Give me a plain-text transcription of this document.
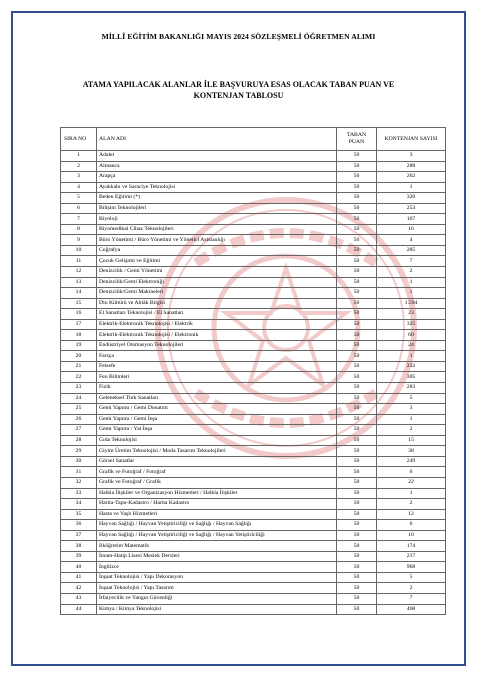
MİLLÎ EĞİTİM BAKANLIĞI MAYIS 2024 SÖZLEŞMELİ ÖĞRETMEN ALIMI
ATAMA YAPILACAK ALANLAR İLE BAŞVURUYA ESAS OLACAK TABAN PUAN VE KONTENJAN TABLOSU
SIRA NO	ALAN ADI	TABAN PUAN	KONTENJAN SAYISI
1	Adalet	50	3
2	Almanca	50	288
3	Arapça	50	262
4	Ayakkabı ve Saraciye Teknolojisi	50	1
5	Beden Eğitimi (*)	50	320
6	Bilişim Teknolojileri	50	253
7	Biyoloji	50	167
8	Biyomedikal Cihaz Teknolojileri	50	16
9	Büro Yönetimi / Büro Yönetimi ve Yönetici Asistanlığı	50	4
10	Coğrafya	50	285
11	Çocuk Gelişimi ve Eğitimi	50	7
12	Denizcilik / Gemi Yönetimi	50	2
13	Denizcilik/Gemi Elektroniği	50	1
14	Denizcilik/Gemi Makineleri	50	1
15	Din Kültürü ve Ahlâk Bilgisi	50	1.594
16	El Sanatları Teknolojisi / El Sanatları	50	23
17	Elektrik-Elektronik Teknolojisi / Elektrik	50	325
18	Elektrik-Elektronik Teknolojisi / Elektronik	50	60
19	Endüstriyel Otomasyon Teknolojileri	50	24
20	Farsça	50	1
21	Felsefe	50	232
22	Fen Bilimleri	50	305
23	Fizik	50	283
24	Geleneksel Türk Sanatları	50	5
25	Gemi Yapımı / Gemi Donatım	50	3
26	Gemi Yapımı / Gemi İnşa	50	1
27	Gemi Yapımı / Yat İnşa	50	2
28	Gıda Teknolojisi	50	15
29	Giyim Üretim Teknolojisi / Moda Tasarım Teknolojileri	50	38
30	Görsel Sanatlar	50	249
31	Grafik ve Fotoğraf / Fotoğraf	50	6
32	Grafik ve Fotoğraf / Grafik	50	22
33	Halkla İlişkiler ve Organizasyon Hizmetleri / Halkla İlişkiler	50	1
34	Harita-Tapu-Kadastro / Harita Kadastro	50	2
35	Hasta ve Yaşlı Hizmetleri	50	12
36	Hayvan Sağlığı / Hayvan Yetiştiriciliği ve Sağlığı / Hayvan Sağlığı	50	6
37	Hayvan Sağlığı / Hayvan Yetiştiriciliği ve Sağlığı / Hayvan Yetiştiriciliği	50	10
38	İlköğretim Matematik	50	174
39	İmam-Hatip Lisesi Meslek Dersleri	50	217
40	İngilizce	50	968
41	İnşaat Teknolojisi / Yapı Dekorasyon	50	5
42	İnşaat Teknolojisi / Yapı Tasarım	50	2
43	İtfaiyecilik ve Yangın Güvenliği	50	7
44	Kimya / Kimya Teknolojisi	50	468
